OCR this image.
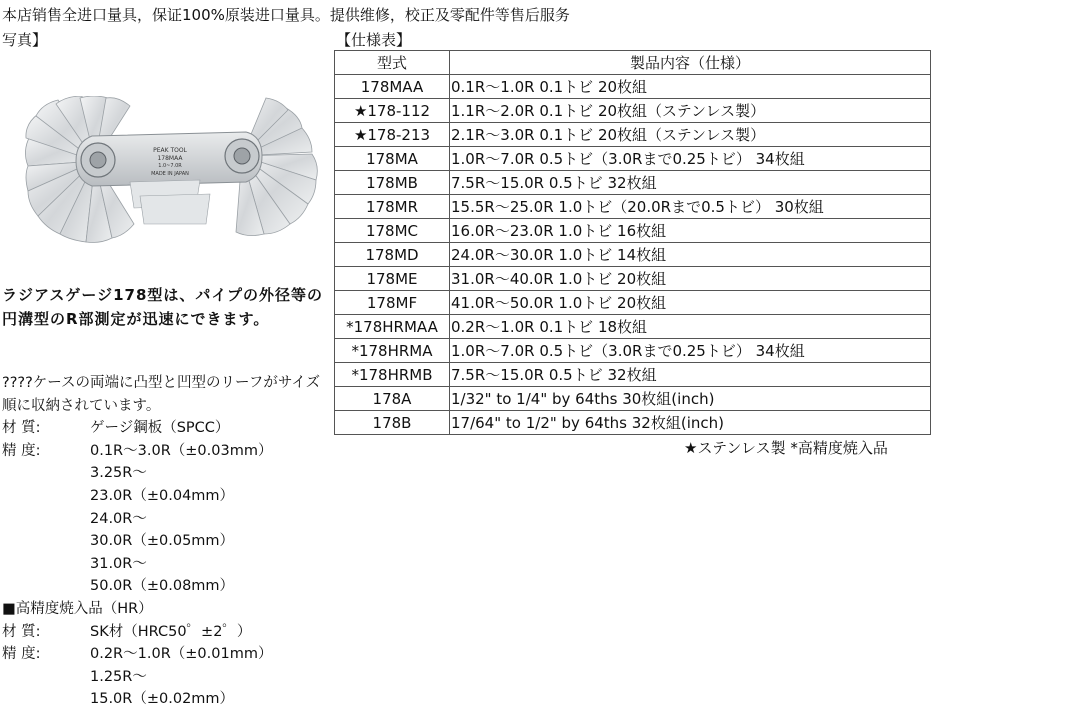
本店销售全进口量具，保证100%原装进口量具。提供维修，校正及零配件等售后服务
写真】	【仕様表】
PEAK TOOL
178MAA
1.0~7.0R
MADE IN JAPAN
ラジアスゲージ178型は、パイプの外径等の円溝型のR部測定が迅速にできます。
????ケースの両端に凸型と凹型のリーフがサイズ順に収納されています。
材 質:	ゲージ鋼板（SPCC）
精 度:	0.1R～3.0R（±0.03mm）
3.25R～
23.0R（±0.04mm）
24.0R～
30.0R（±0.05mm）
31.0R～
50.0R（±0.08mm）
■高精度焼入品（HR）
材 質:	SK材（HRC50゜±2゜）
精 度:	0.2R～1.0R（±0.01mm）
1.25R～
15.0R（±0.02mm）
型式	製品内容（仕様）
178MAA	0.1R～1.0R 0.1トビ 20枚組
★178-112	1.1R～2.0R 0.1トビ 20枚組（ステンレス製）
★178-213	2.1R～3.0R 0.1トビ 20枚組（ステンレス製）
178MA	1.0R～7.0R 0.5トビ（3.0Rまで0.25トビ） 34枚組
178MB	7.5R～15.0R 0.5トビ 32枚組
178MR	15.5R～25.0R 1.0トビ（20.0Rまで0.5トビ） 30枚組
178MC	16.0R～23.0R 1.0トビ 16枚組
178MD	24.0R～30.0R 1.0トビ 14枚組
178ME	31.0R～40.0R 1.0トビ 20枚組
178MF	41.0R～50.0R 1.0トビ 20枚組
*178HRMAA	0.2R～1.0R 0.1トビ 18枚組
*178HRMA	1.0R～7.0R 0.5トビ（3.0Rまで0.25トビ） 34枚組
*178HRMB	7.5R～15.0R 0.5トビ 32枚組
178A	1/32" to 1/4" by 64ths 30枚組(inch)
178B	17/64" to 1/2" by 64ths 32枚組(inch)
★ステンレス製 *高精度焼入品
